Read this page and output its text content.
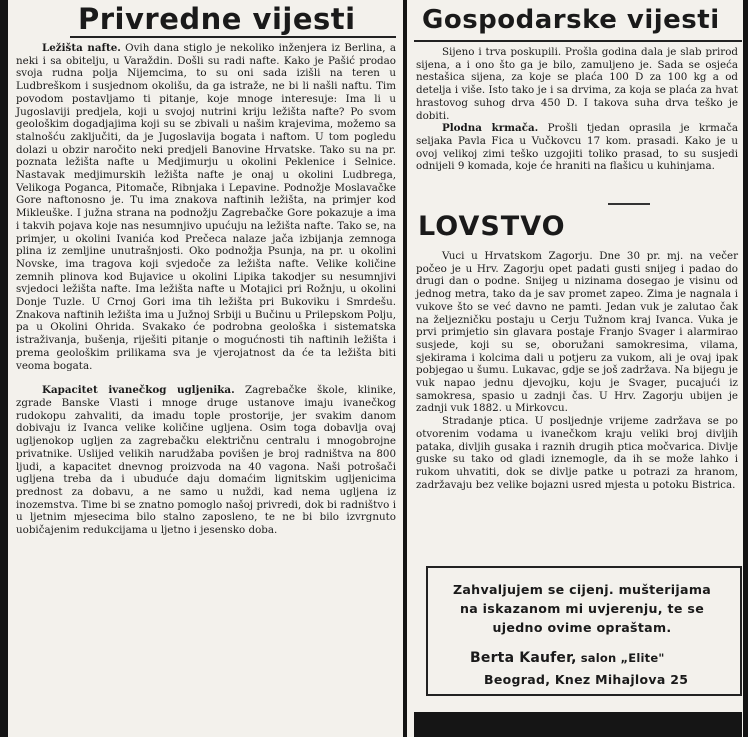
Privredne vijesti

Ležišta nafte. Ovih dana stiglo je nekoliko inženjera iz Berlina, a neki i sa obitelju, u Varaždin. Došli su radi nafte. Kako je Pašić prodao svoja rudna polja Nijemcima, to su oni sada izišli na teren u Ludbreškom i susjednom okolišu, da ga istraže, ne bi li našli naftu. Tim povodom postavljamo ti pitanje, koje mnoge interesuje: Ima li u Jugoslaviji predjela, koji u svojoj nutrini kriju ležišta nafte? Po svom geološkim dogadjajima koji su se zbivali u našim krajevima, možemo sa stalnošću zaključiti, da je Jugoslavija bogata i naftom. U tom pogledu dolazi u obzir naročito neki predjeli Banovine Hrvatske. Tako su na pr. poznata ležišta nafte u Medjimurju u okolini Peklenice i Selnice. Nastavak medjimurskih ležišta nafte je onaj u okolini Ludbrega, Velikoga Poganca, Pitomače, Ribnjaka i Lepavine. Podnožje Moslavačke Gore naftonosno je. Tu ima znakova naftinih ležišta, na primjer kod Mikleuške. I južna strana na podnožju Zagrebačke Gore pokazuje a ima i takvih pojava koje nas nesumnjivo upućuju na ležišta nafte. Tako se, na primjer, u okolini Ivanića kod Prečeca nalaze jača izbijanja zemnoga plina iz zemljine unutrašnjosti. Oko podnožja Psunja, na pr. u okolini Novske, ima tragova koji svjedoče za ležišta nafte. Velike količine zemnih plinova kod Bujavice u okolini Lipika takodjer su nesumnjivi svjedoci ležišta nafte. Ima ležišta nafte u Motajici pri Rožnju, u okolini Donje Tuzle. U Crnoj Gori ima tih ležišta pri Bukoviku i Smrdešu. Znakova naftinih ležišta ima u Južnoj Srbiji u Bučinu u Prilepskom Polju, pa u Okolini Ohrida. Svakako će podrobna geološka i sistematska istraživanja, bušenja, riješiti pitanje o mogućnosti tih naftinih ležišta i prema geološkim prilikama sva je vjerojatnost da će ta ležišta biti veoma bogata.

Kapacitet ivanečkog ugljenika. Zagrebačke škole, klinike, zgrade Banske Vlasti i mnoge druge ustanove imaju ivanečkog rudokopu zahvaliti, da imadu tople prostorije, jer svakim danom dobivaju iz Ivanca velike količine ugljena. Osim toga dobavlja ovaj ugljenokop ugljen za zagrebačku električnu centralu i mnogobrojne privatnike. Uslijed velikih narudžaba povišen je broj radništva na 800 ljudi, a kapacitet dnevnog proizvoda na 40 vagona. Naši potrošači ugljena treba da i ubuduće daju domaćim lignitskim ugljenicima prednost za dobavu, a ne samo u nuždi, kad nema ugljena iz inozemstva. Time bi se znatno pomoglo našoj privredi, dok bi radništvo i u ljetnim mjesecima bilo stalno zaposleno, te ne bi bilo izvrgnuto uobičajenim redukcijama u ljetno i jesensko doba.

Gospodarske vijesti

Sijeno i trva poskupili. Prošla godina dala je slab prirod sijena, a i ono što ga je bilo, zamuljeno je. Sada se osjeća nestašica sijena, za koje se plaća 100 D za 100 kg a od detelja i više. Isto tako je i sa drvima, za koja se plaća za hvat hrastovog suhog drva 450 D. I takova suha drva teško je dobiti.

Plodna krmača. Prošli tjedan oprasila je krmača seljaka Pavla Fica u Vučkovcu 17 kom. prasadi. Kako je u ovoj velikoj zimi teško uzgojiti toliko prasad, to su susjedi odnijeli 9 komada, koje će hraniti na flašicu u kuhinjama.

LOVSTVO

Vuci u Hrvatskom Zagorju. Dne 30 pr. mj. na večer počeo je u Hrv. Zagorju opet padati gusti snijeg i padao do drugi dan o podne. Snijeg u nizinama dosegao je visinu od jednog metra, tako da je sav promet zapeo. Zima je nagnala i vukove što se već davno ne pamti. Jedan vuk je zalutao čak na željezničku postaju u Cerju Tužnom kraj Ivanca. Vuka je prvi primjetio sin glavara postaje Franjo Svager i alarmirao susjede, koji su se, oboružani samokresima, vilama, sjekirama i kolcima dali u potjeru za vukom, ali je ovaj ipak pobjegao u šumu. Lukavac, gdje se još zadržava. Na bijegu je vuk napao jednu djevojku, koju je Svager, pucajući iz samokresa, spasio u zadnji čas. U Hrv. Zagorju ubijen je zadnji vuk 1882. u Mirkovcu.

Stradanje ptica. U posljednje vrijeme zadržava se po otvorenim vodama u ivanečkom kraju veliki broj divljih pataka, divljih gusaka i raznih drugih ptica močvarica. Divlje guske su tako od gladi iznemogle, da ih se može lahko i rukom uhvatiti, dok se divlje patke u potrazi za hranom, zadržavaju bez velike bojazni usred mjesta u potoku Bistrica.

Zahvaljujem se cijenj. mušterijama
na iskazanom mi uvjerenju, te se
ujedno ovime opraštam.
Berta Kaufer, salon „Elite"
Beograd, Knez Mihajlova 25
